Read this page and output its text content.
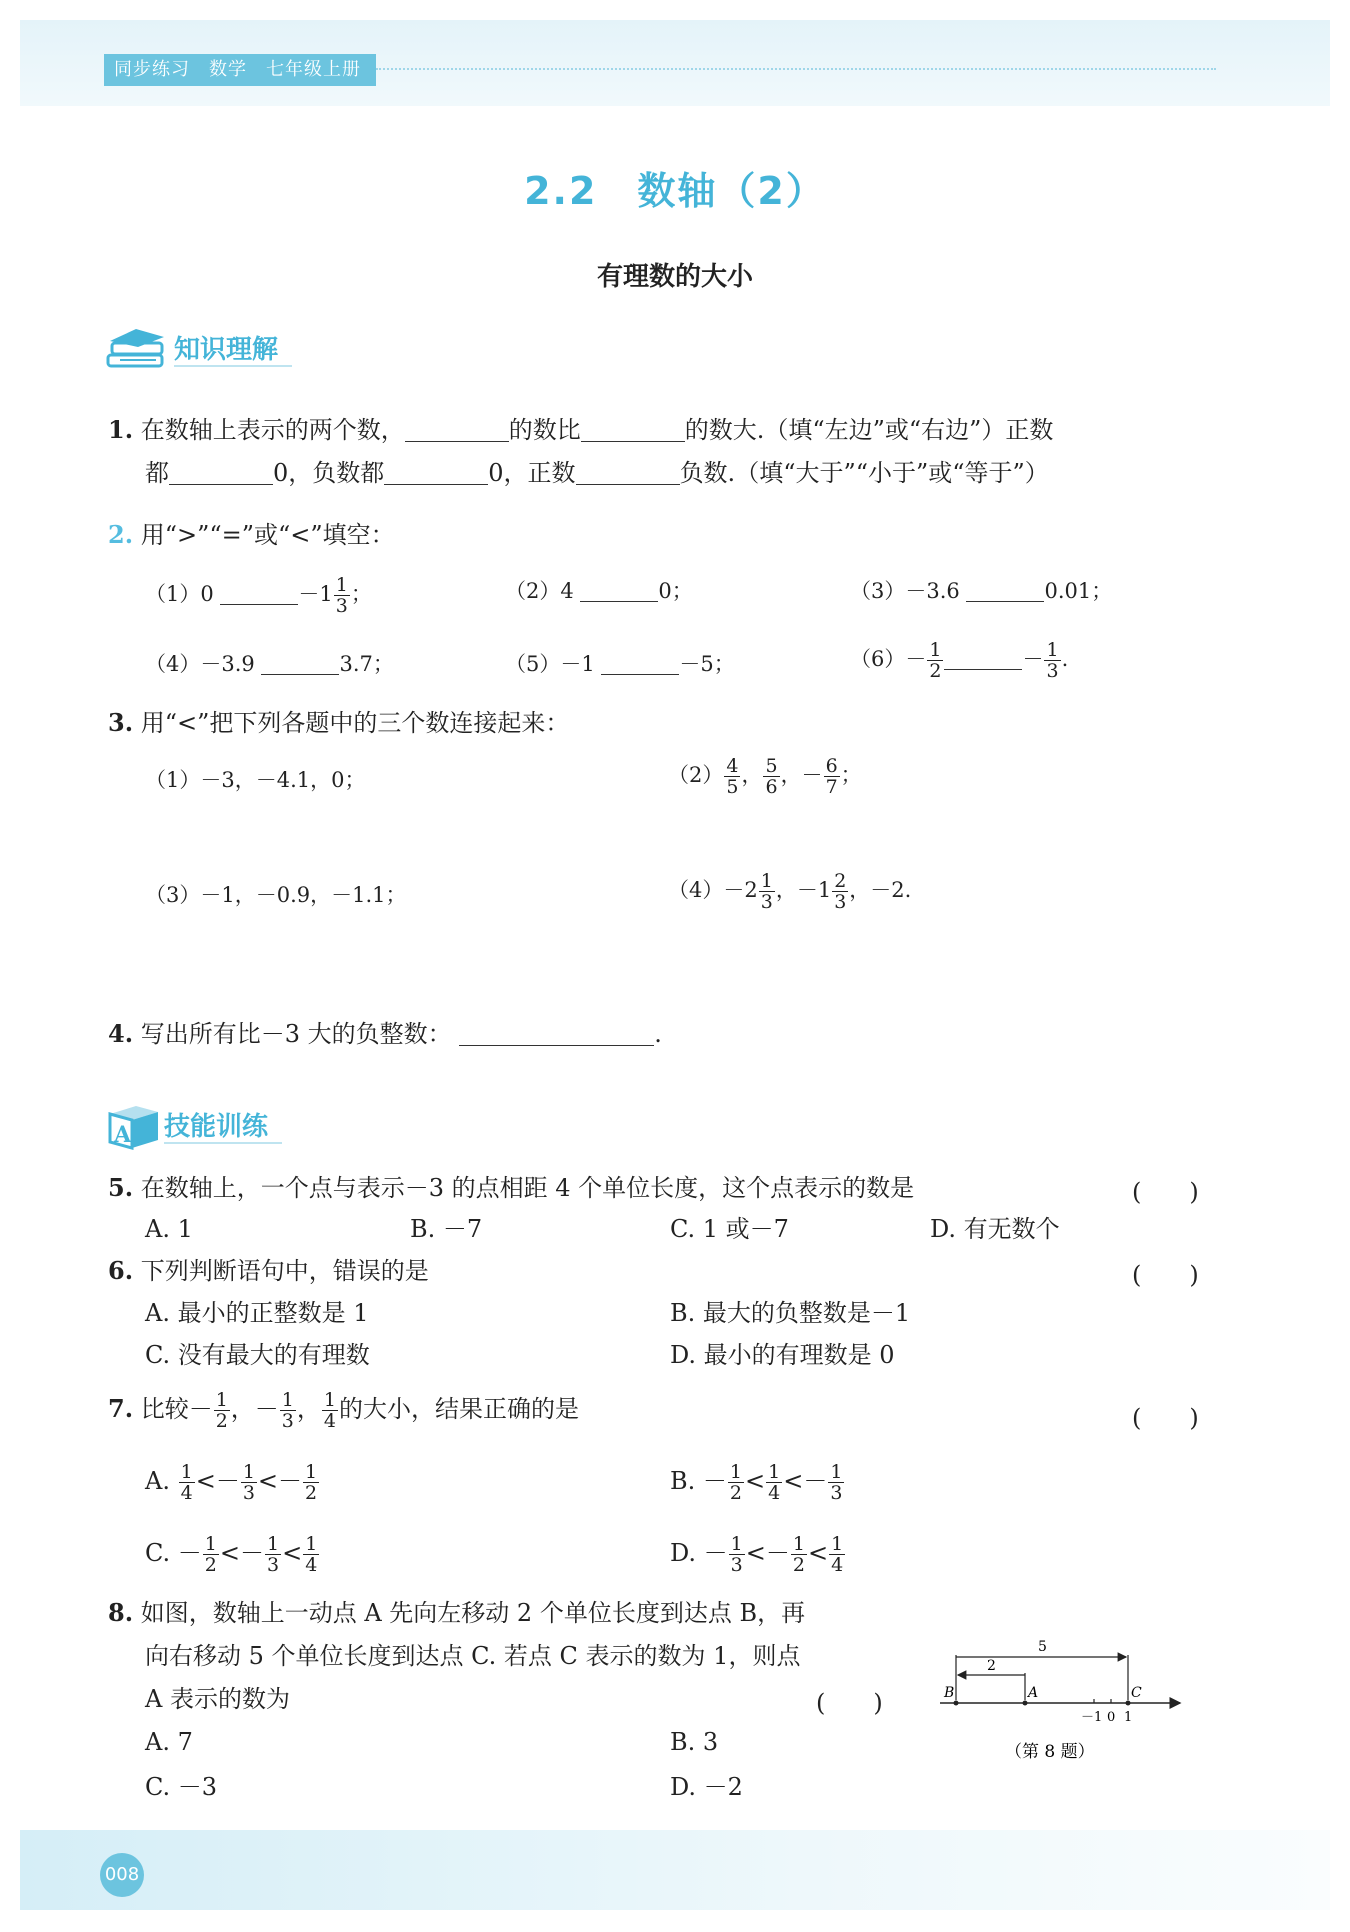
同步练习　数学　七年级上册
2.2　数轴（2）
有理数的大小
知识理解
1. 在数轴上表示的两个数，	的数比	的数大.（填“左边”或“右边”）正数
都	0，负数都	0，正数	负数.（填“大于”“小于”或“等于”）
2. 用“>”“=”或“<”填空：
（1）0	$-1 \frac{1}{3}$ ；	（2）4	0；	（3）－3.6	0.01；
（4）－3.9	3.7；	（5）－1	－5；	$(6)- \frac{1}{2}$	－ $\frac{1}{3}$ .
3. 用“<”把下列各题中的三个数连接起来：
（1）－3，－4.1，0；	$(2) \frac{4}{5}$ ， $\frac{5}{6}$ ，－ $\frac{6}{7}$ ；
（3）－1，－0.9，－1.1；	$(4)-2 \frac{1}{3}$ ，$-1 \frac{2}{3}$ ，－2.
4. 写出所有比－3 大的负整数：	.
A 技能训练
5. 在数轴上，一个点与表示－3 的点相距 4 个单位长度，这个点表示的数是	(　　)
A. 1	B. －7	C. 1 或－7	D. 有无数个
6. 下列判断语句中，错误的是	(　　)
A. 最小的正整数是 1	B. 最大的负整数是－1
C. 没有最大的有理数	D. 最小的有理数是 0
7. 比较－ $\frac{1}{2}$ ，－ $\frac{1}{3}$ ， $\frac{1}{4}$ 的大小，结果正确的是	(　　)
A. $\frac{1}{4} <- \frac{1}{3} <- \frac{1}{2}$	B. － $\frac{1}{2} < \frac{1}{4} <- \frac{1}{3}$
C. － $\frac{1}{2} <- \frac{1}{3} < \frac{1}{4}$	D. － $\frac{1}{3} <- \frac{1}{2} < \frac{1}{4}$
8. 如图，数轴上一动点 A 先向左移动 2 个单位长度到达点 B，再
向右移动 5 个单位长度到达点 C. 若点 C 表示的数为 1，则点
A 表示的数为	(　　)
A. 7	B. 3
C. －3	D. －2
5
2
B	A	C
－1 0 1
（第 8 题）
008
